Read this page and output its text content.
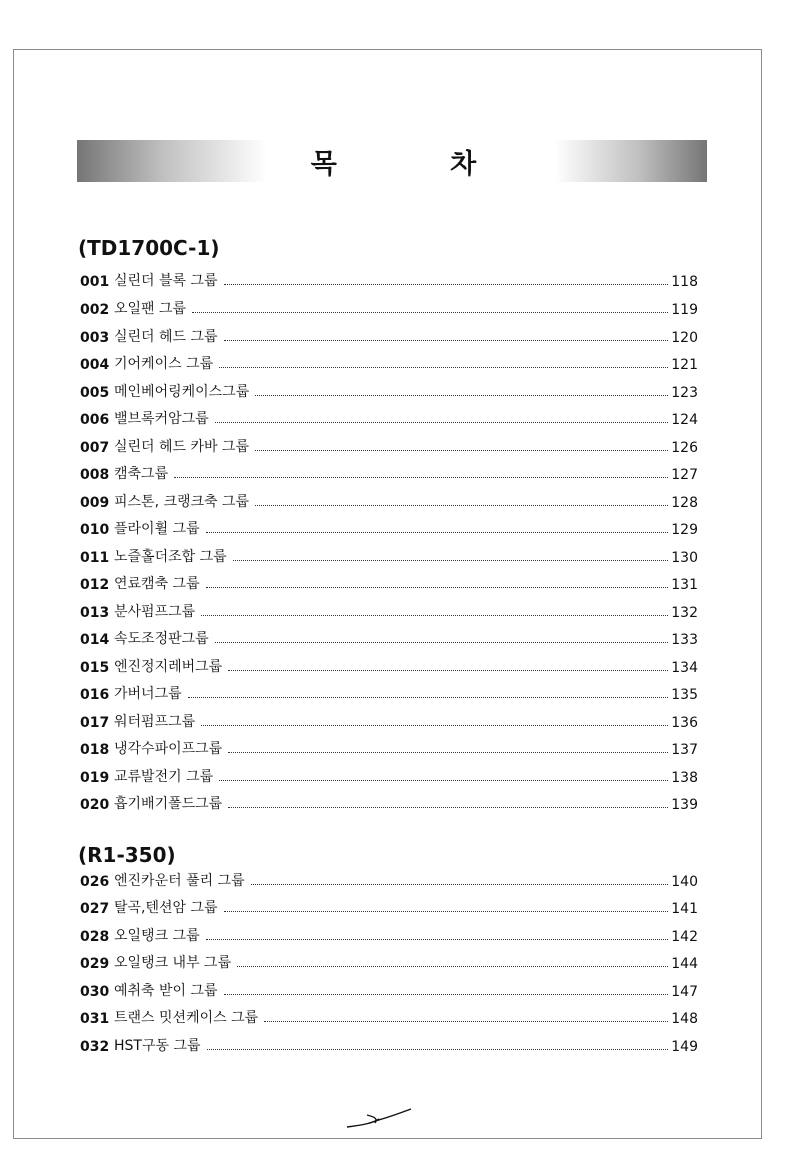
목 차
(TD1700C-1)
001 실린더 블록 그룹	118
002 오일팬 그룹	119
003 실린더 헤드 그룹	120
004 기어케이스 그룹	121
005 메인베어링케이스그룹	123
006 밸브록커암그룹	124
007 실린더 헤드 카바 그룹	126
008 캠축그룹	127
009 피스톤, 크랭크축 그룹	128
010 플라이휠 그룹	129
011 노즐홀더조합 그룹	130
012 연료캠축 그룹	131
013 분사펌프그룹	132
014 속도조정판그룹	133
015 엔진정지레버그룹	134
016 가버너그룹	135
017 워터펌프그룹	136
018 냉각수파이프그룹	137
019 교류발전기 그룹	138
020 흡기배기폴드그룹	139
(R1-350)
026 엔진카운터 풀리 그룹	140
027 탈곡,텐션암 그룹	141
028 오일탱크 그룹	142
029 오일탱크 내부 그룹	144
030 예취축 받이 그룹	147
031 트랜스 밋션케이스 그룹	148
032 HST구동 그룹	149
